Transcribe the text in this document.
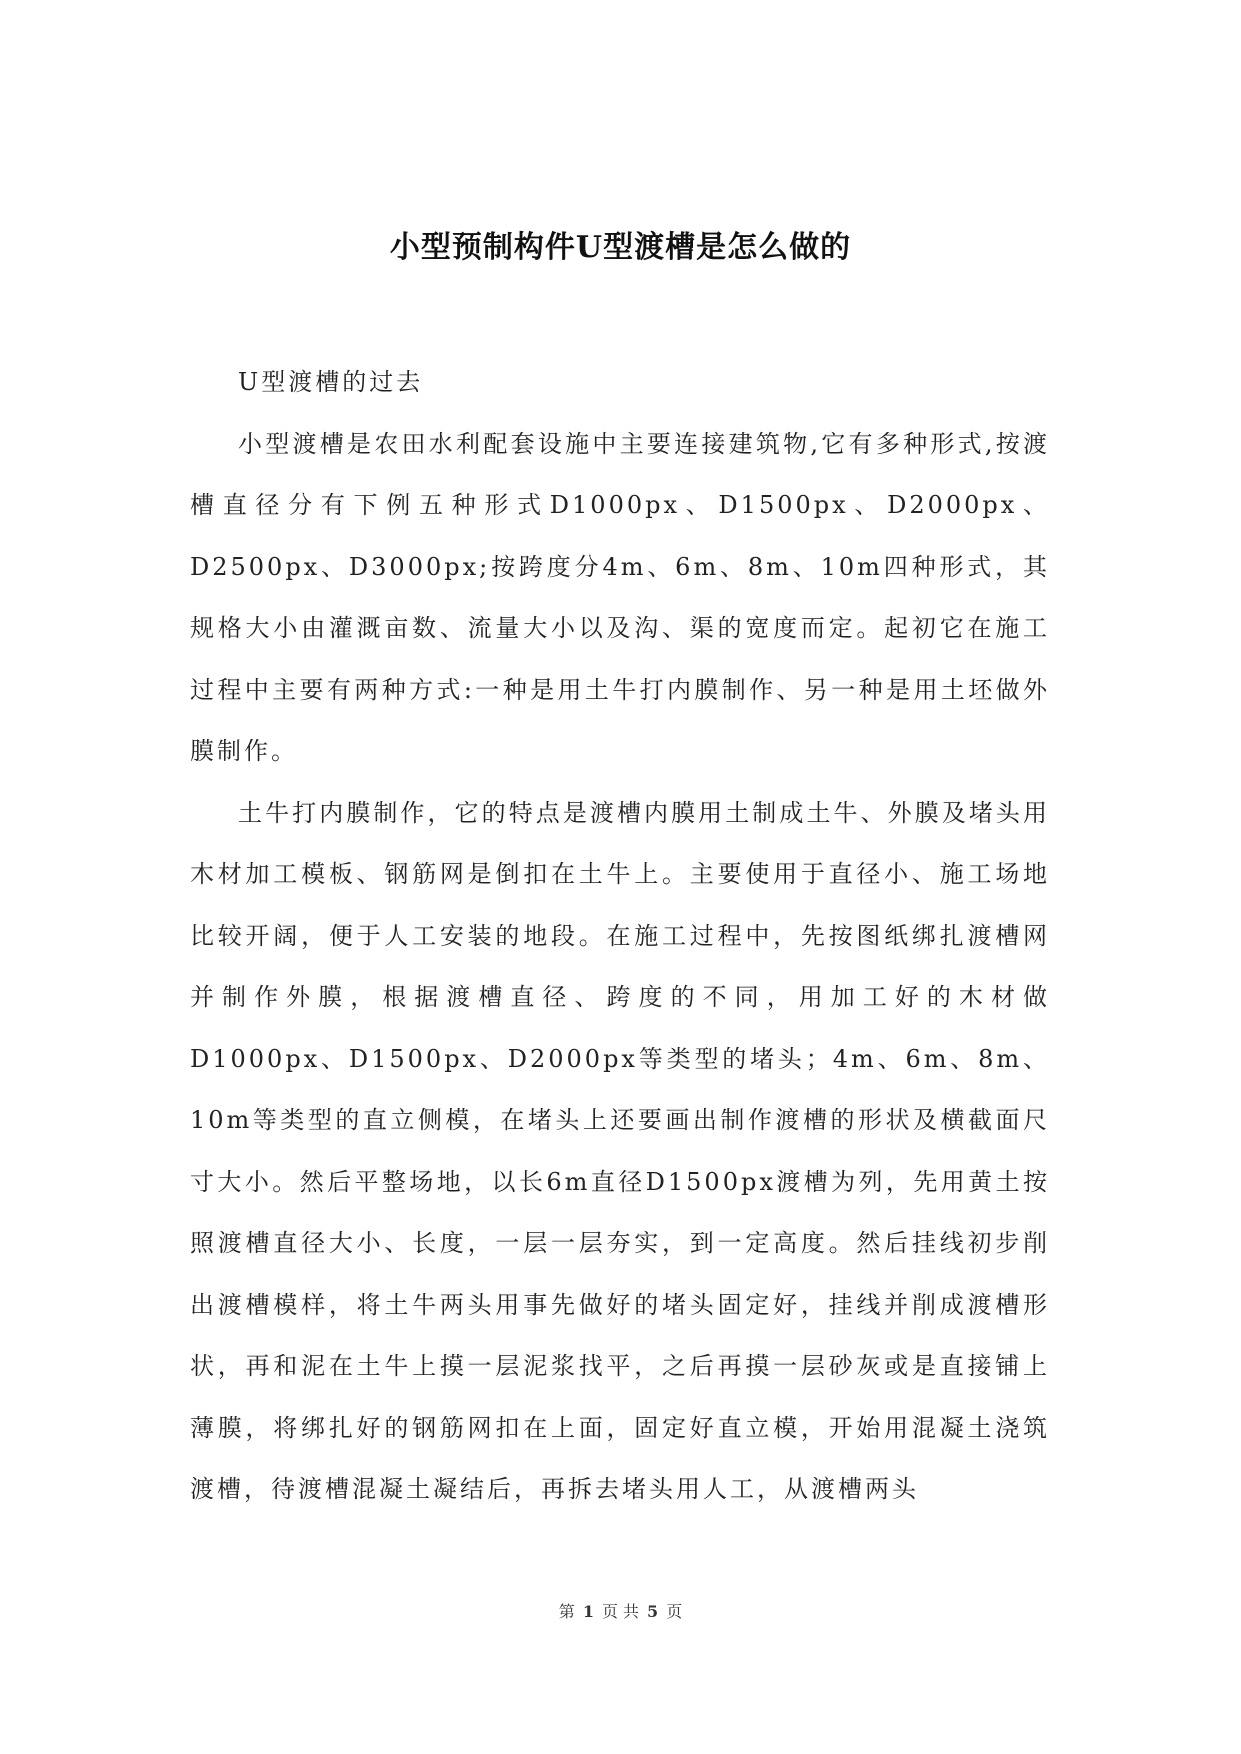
小型预制构件U型渡槽是怎么做的

U型渡槽的过去

小型渡槽是农田水利配套设施中主要连接建筑物,它有多种形式,按渡槽直径分有下例五种形式D1000px、D1500px、D2000px、D2500px、D3000px;按跨度分4m、6m、8m、10m四种形式，其规格大小由灌溉亩数、流量大小以及沟、渠的宽度而定。起初它在施工过程中主要有两种方式:一种是用土牛打内膜制作、另一种是用土坯做外膜制作。

土牛打内膜制作，它的特点是渡槽内膜用土制成土牛、外膜及堵头用木材加工模板、钢筋网是倒扣在土牛上。主要使用于直径小、施工场地比较开阔，便于人工安装的地段。在施工过程中，先按图纸绑扎渡槽网并制作外膜，根据渡槽直径、跨度的不同，用加工好的木材做D1000px、D1500px、D2000px等类型的堵头；4m、6m、8m、10m等类型的直立侧模，在堵头上还要画出制作渡槽的形状及横截面尺寸大小。然后平整场地，以长6m直径D1500px渡槽为列，先用黄土按照渡槽直径大小、长度，一层一层夯实，到一定高度。然后挂线初步削出渡槽模样，将土牛两头用事先做好的堵头固定好，挂线并削成渡槽形状，再和泥在土牛上摸一层泥浆找平，之后再摸一层砂灰或是直接铺上薄膜，将绑扎好的钢筋网扣在上面，固定好直立模，开始用混凝土浇筑渡槽，待渡槽混凝土凝结后，再拆去堵头用人工，从渡槽两头

第 1 页 共 5 页
